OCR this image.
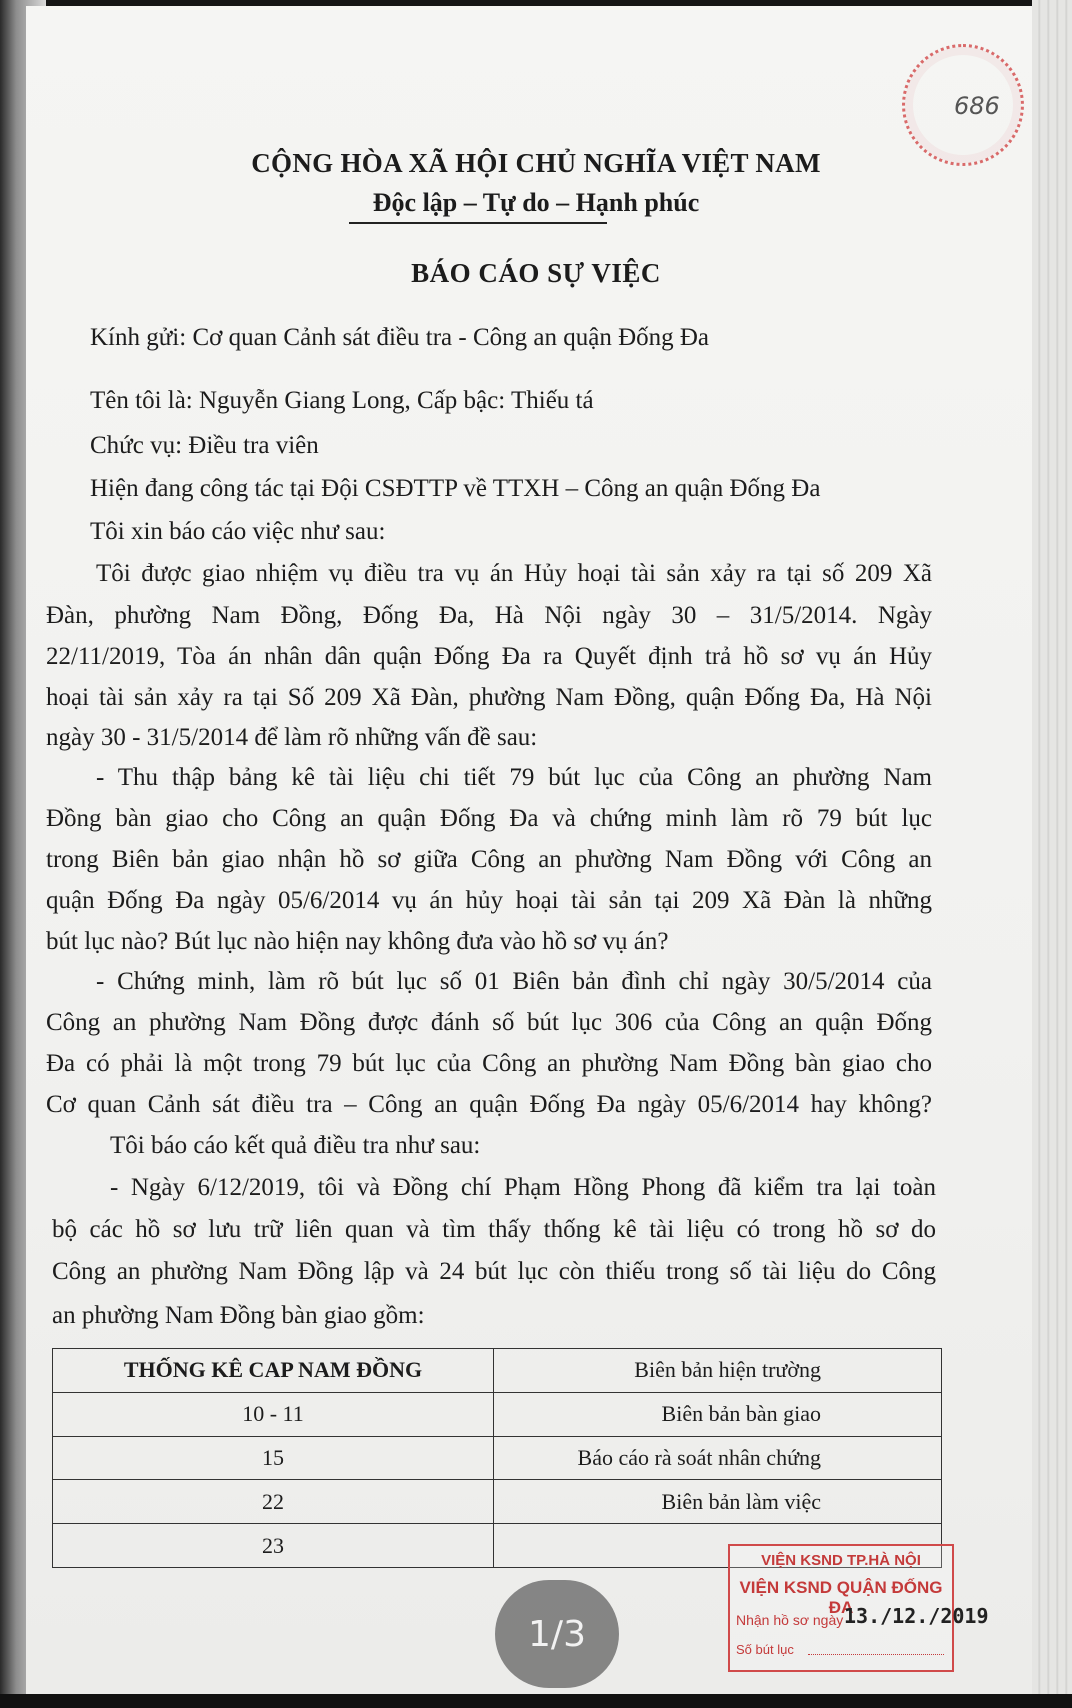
686
CỘNG HÒA XÃ HỘI CHỦ NGHĨA VIỆT NAM
Độc lập – Tự do – Hạnh phúc
BÁO CÁO SỰ VIỆC
Kính gửi: Cơ quan Cảnh sát điều tra - Công an quận Đống Đa
Tên tôi là: Nguyễn Giang Long, Cấp bậc: Thiếu tá
Chức vụ: Điều tra viên
Hiện đang công tác tại Đội CSĐTTP về TTXH – Công an quận Đống Đa
Tôi xin báo cáo việc như sau:
Tôi được giao nhiệm vụ điều tra vụ án Hủy hoại tài sản xảy ra tại số 209 Xã
Đàn, phường Nam Đồng, Đống Đa, Hà Nội ngày 30 – 31/5/2014. Ngày
22/11/2019, Tòa án nhân dân quận Đống Đa ra Quyết định trả hồ sơ vụ án Hủy
hoại tài sản xảy ra tại Số 209 Xã Đàn, phường Nam Đồng, quận Đống Đa, Hà Nội
ngày 30 - 31/5/2014 để làm rõ những vấn đề sau:
- Thu thập bảng kê tài liệu chi tiết 79 bút lục của Công an phường Nam
Đồng bàn giao cho Công an quận Đống Đa và chứng minh làm rõ 79 bút lục
trong Biên bản giao nhận hồ sơ giữa Công an phường Nam Đồng với Công an
quận Đống Đa ngày 05/6/2014 vụ án hủy hoại tài sản tại 209 Xã Đàn là những
bút lục nào? Bút lục nào hiện nay không đưa vào hồ sơ vụ án?
- Chứng minh, làm rõ bút lục số 01 Biên bản đình chỉ ngày 30/5/2014 của
Công an phường Nam Đồng được đánh số bút lục 306 của Công an quận Đống
Đa có phải là một trong 79 bút lục của Công an phường Nam Đồng bàn giao cho
Cơ quan Cảnh sát điều tra – Công an quận Đống Đa ngày 05/6/2014 hay không?
Tôi báo cáo kết quả điều tra như sau:
- Ngày 6/12/2019, tôi và Đồng chí Phạm Hồng Phong đã kiểm tra lại toàn
bộ các hồ sơ lưu trữ liên quan và tìm thấy thống kê tài liệu có trong hồ sơ do
Công an phường Nam Đồng lập và 24 bút lục còn thiếu trong số tài liệu do Công
an phường Nam Đồng bàn giao gồm:
THỐNG KÊ CAP NAM ĐỒNG	Biên bản hiện trường
10 - 11	Biên bản bàn giao
15	Báo cáo rà soát nhân chứng
22	Biên bản làm việc
23	
VIỆN KSND TP.HÀ NỘI
VIỆN KSND QUẬN ĐỐNG ĐA
Nhận hồ sơ ngày 13./12./2019
Số bút lục
1/3
